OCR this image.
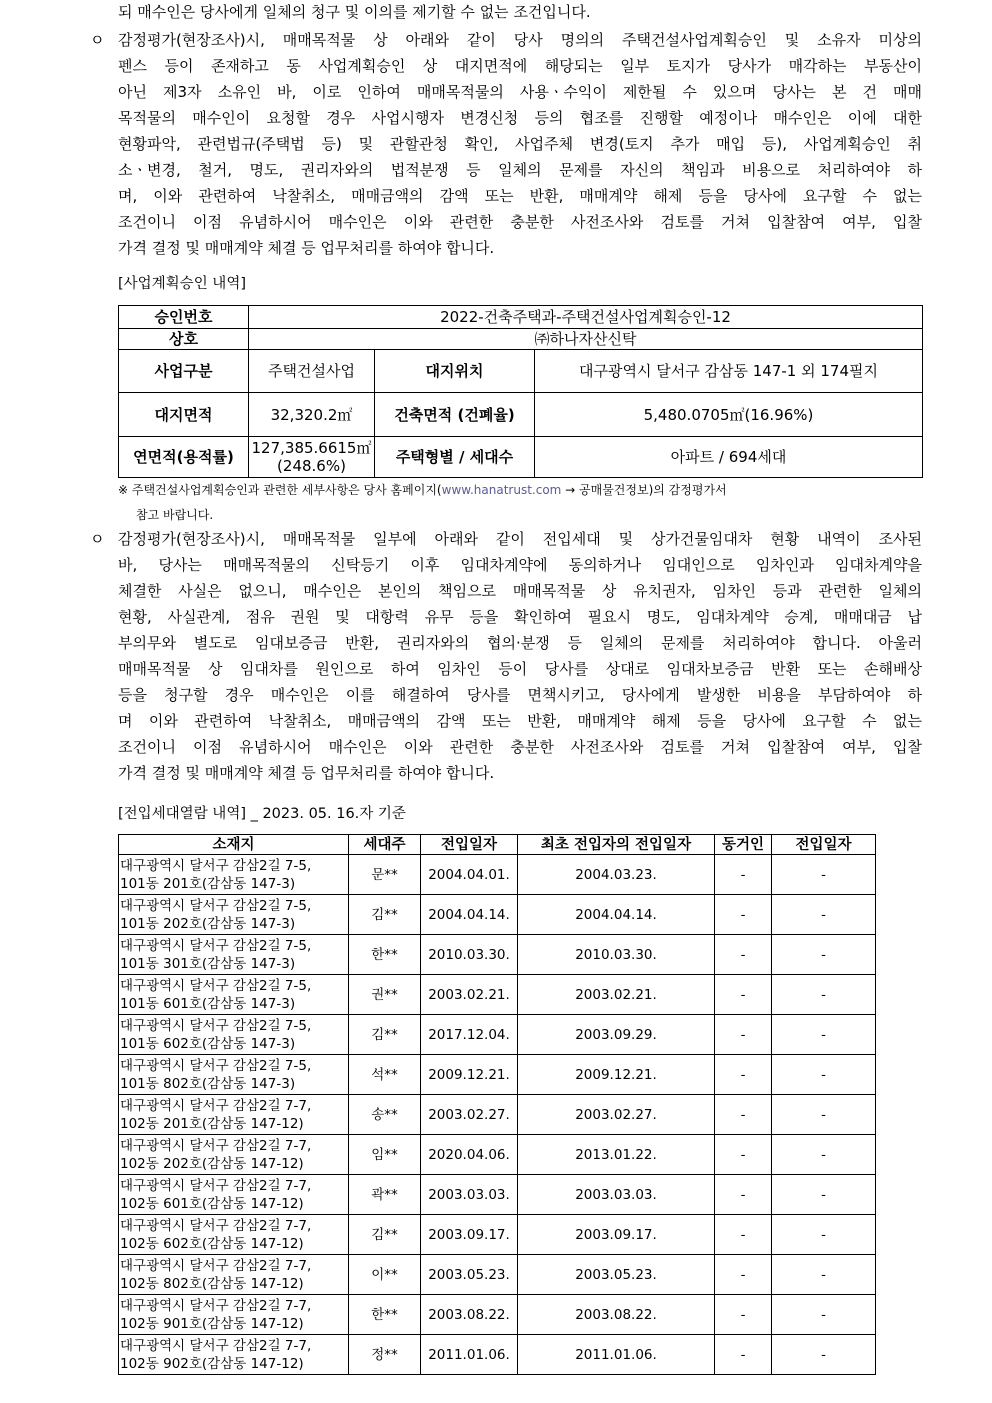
되 매수인은 당사에게 일체의 청구 및 이의를 제기할 수 없는 조건입니다.
ㅇ 감정평가(현장조사)시, 매매목적물 상 아래와 같이 당사 명의의 주택건설사업계획승인 및 소유자 미상의
펜스 등이 존재하고 동 사업계획승인 상 대지면적에 해당되는 일부 토지가 당사가 매각하는 부동산이
아닌 제3자 소유인 바, 이로 인하여 매매목적물의 사용ㆍ수익이 제한될 수 있으며 당사는 본 건 매매
목적물의 매수인이 요청할 경우 사업시행자 변경신청 등의 협조를 진행할 예정이나 매수인은 이에 대한
현황파악, 관련법규(주택법 등) 및 관할관청 확인, 사업주체 변경(토지 추가 매입 등), 사업계획승인 취
소ㆍ변경, 철거, 명도, 권리자와의 법적분쟁 등 일체의 문제를 자신의 책임과 비용으로 처리하여야 하
며, 이와 관련하여 낙찰취소, 매매금액의 감액 또는 반환, 매매계약 해제 등을 당사에 요구할 수 없는
조건이니 이점 유념하시어 매수인은 이와 관련한 충분한 사전조사와 검토를 거쳐 입찰참여 여부, 입찰
가격 결정 및 매매계약 체결 등 업무처리를 하여야 합니다.
[사업계획승인 내역]
승인번호	2022-건축주택과-주택건설사업계획승인-12		
상호	㈜하나자산신탁		
사업구분	주택건설사업	대지위치	대구광역시 달서구 감삼동 147-1 외 174필지
대지면적	32,320.2㎡	건축면적 (건폐율)	5,480.0705㎡(16.96%)
연면적(용적률)	127,385.6615㎡
(248.6%)	주택형별 / 세대수	아파트 / 694세대
※ 주택건설사업계획승인과 관련한 세부사항은 당사 홈페이지(www.hanatrust.com → 공매물건정보)의 감정평가서
참고 바랍니다.
ㅇ 감정평가(현장조사)시, 매매목적물 일부에 아래와 같이 전입세대 및 상가건물임대차 현황 내역이 조사된
바, 당사는 매매목적물의 신탁등기 이후 임대차계약에 동의하거나 임대인으로 임차인과 임대차계약을
체결한 사실은 없으니, 매수인은 본인의 책임으로 매매목적물 상 유치권자, 임차인 등과 관련한 일체의
현황, 사실관계, 점유 권원 및 대항력 유무 등을 확인하여 필요시 명도, 임대차계약 승계, 매매대금 납
부의무와 별도로 임대보증금 반환, 권리자와의 협의·분쟁 등 일체의 문제를 처리하여야 합니다. 아울러
매매목적물 상 임대차를 원인으로 하여 임차인 등이 당사를 상대로 임대차보증금 반환 또는 손해배상
등을 청구할 경우 매수인은 이를 해결하여 당사를 면책시키고, 당사에게 발생한 비용을 부담하여야 하
며 이와 관련하여 낙찰취소, 매매금액의 감액 또는 반환, 매매계약 해제 등을 당사에 요구할 수 없는
조건이니 이점 유념하시어 매수인은 이와 관련한 충분한 사전조사와 검토를 거쳐 입찰참여 여부, 입찰
가격 결정 및 매매계약 체결 등 업무처리를 하여야 합니다.
[전입세대열람 내역] _ 2023. 05. 16.자 기준
소재지	세대주	전입일자	최초 전입자의 전입일자	동거인	전입일자

대구광역시 달서구 감삼2길 7-5,
101동 201호(감삼동 147-3)	문**	2004.04.01.	2004.03.23.	-	-

대구광역시 달서구 감삼2길 7-5,
101동 202호(감삼동 147-3)	김**	2004.04.14.	2004.04.14.	-	-

대구광역시 달서구 감삼2길 7-5,
101동 301호(감삼동 147-3)	한**	2010.03.30.	2010.03.30.	-	-

대구광역시 달서구 감삼2길 7-5,
101동 601호(감삼동 147-3)	권**	2003.02.21.	2003.02.21.	-	-

대구광역시 달서구 감삼2길 7-5,
101동 602호(감삼동 147-3)	김**	2017.12.04.	2003.09.29.	-	-

대구광역시 달서구 감삼2길 7-5,
101동 802호(감삼동 147-3)	석**	2009.12.21.	2009.12.21.	-	-

대구광역시 달서구 감삼2길 7-7,
102동 201호(감삼동 147-12)	송**	2003.02.27.	2003.02.27.	-	-

대구광역시 달서구 감삼2길 7-7,
102동 202호(감삼동 147-12)	임**	2020.04.06.	2013.01.22.	-	-

대구광역시 달서구 감삼2길 7-7,
102동 601호(감삼동 147-12)	곽**	2003.03.03.	2003.03.03.	-	-

대구광역시 달서구 감삼2길 7-7,
102동 602호(감삼동 147-12)	김**	2003.09.17.	2003.09.17.	-	-

대구광역시 달서구 감삼2길 7-7,
102동 802호(감삼동 147-12)	이**	2003.05.23.	2003.05.23.	-	-

대구광역시 달서구 감삼2길 7-7,
102동 901호(감삼동 147-12)	한**	2003.08.22.	2003.08.22.	-	-

대구광역시 달서구 감삼2길 7-7,
102동 902호(감삼동 147-12)	정**	2011.01.06.	2011.01.06.	-	-
